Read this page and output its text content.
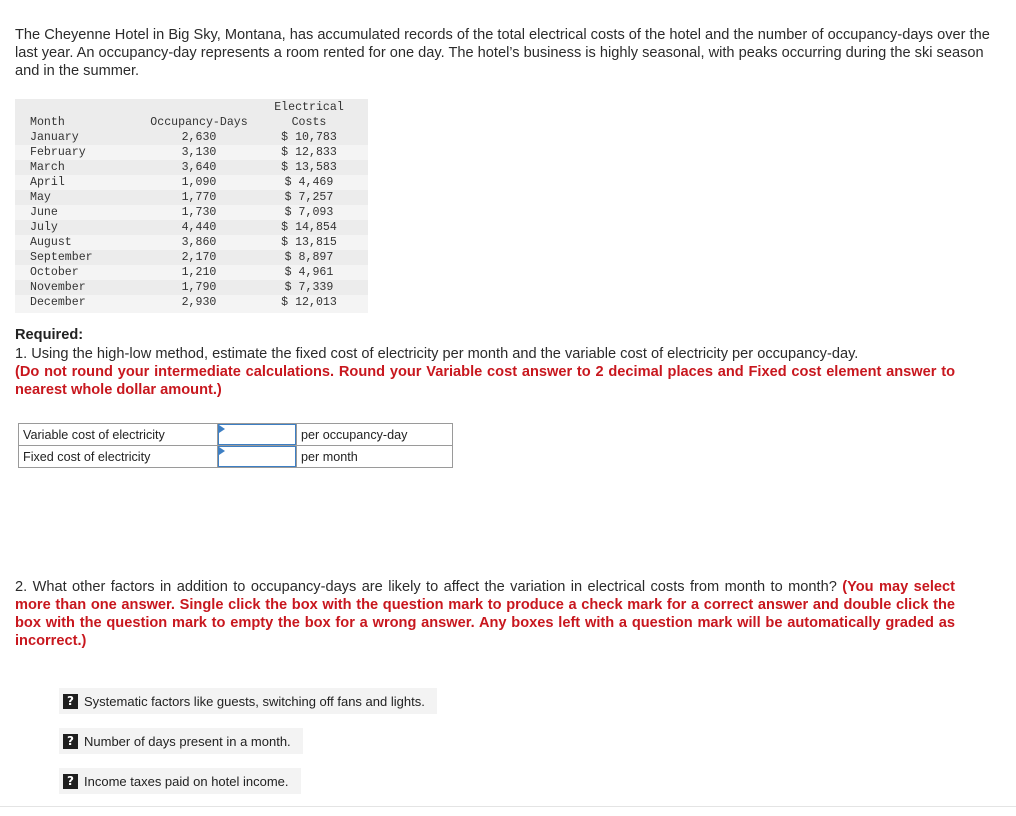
The Cheyenne Hotel in Big Sky, Montana, has accumulated records of the total electrical costs of the hotel and the number of occupancy-days over the last year. An occupancy-day represents a room rented for one day. The hotel’s business is highly seasonal, with peaks occurring during the ski season and in the summer.

Month	Occupancy-Days	Electrical
Costs

January	2,630	$ 10,783
February	3,130	$ 12,833
March	3,640	$ 13,583
April	1,090	$ 4,469
May	1,770	$ 7,257
June	1,730	$ 7,093
July	4,440	$ 14,854
August	3,860	$ 13,815
September	2,170	$ 8,897
October	1,210	$ 4,961
November	1,790	$ 7,339
December	2,930	$ 12,013
Required:
1. Using the high-low method, estimate the fixed cost of electricity per month and the variable cost of electricity per occupancy-day.
(Do not round your intermediate calculations. Round your Variable cost answer to 2 decimal places and Fixed cost element answer to nearest whole dollar amount.)
Variable cost of electricity		per occupancy-day
Fixed cost of electricity		per month
2. What other factors in addition to occupancy-days are likely to affect the variation in electrical costs from month to month? (You may select more than one answer. Single click the box with the question mark to produce a check mark for a correct answer and double click the box with the question mark to empty the box for a wrong answer. Any boxes left with a question mark will be automatically graded as incorrect.)
? Systematic factors like guests, switching off fans and lights.
? Number of days present in a month.
? Income taxes paid on hotel income.
